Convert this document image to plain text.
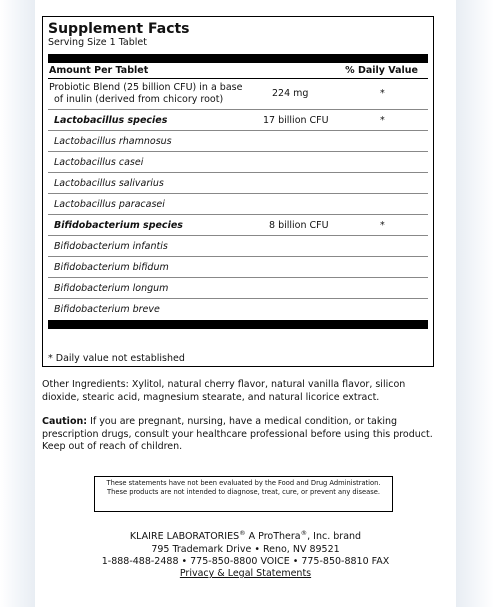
Supplement Facts
Serving Size 1 Tablet
Amount Per Tablet	% Daily Value
Probiotic Blend (25 billion CFU) in a base
of inulin (derived from chicory root)
224 mg	*
Lactobacillus species	17 billion CFU	*
Lactobacillus rhamnosus
Lactobacillus casei
Lactobacillus salivarius
Lactobacillus paracasei
Bifidobacterium species	8 billion CFU	*
Bifidobacterium infantis
Bifidobacterium bifidum
Bifidobacterium longum
Bifidobacterium breve
* Daily value not established
Other Ingredients: Xylitol, natural cherry flavor, natural vanilla flavor, silicon dioxide, stearic acid, magnesium stearate, and natural licorice extract.
Caution: If you are pregnant, nursing, have a medical condition, or taking prescription drugs, consult your healthcare professional before using this product. Keep out of reach of children.
These statements have not been evaluated by the Food and Drug Administration. These products are not intended to diagnose, treat, cure, or prevent any disease.
KLAIRE LABORATORIES® A ProThera®, Inc. brand
795 Trademark Drive • Reno, NV 89521
1-888-488-2488 • 775-850-8800 VOICE • 775-850-8810 FAX
Privacy & Legal Statements
